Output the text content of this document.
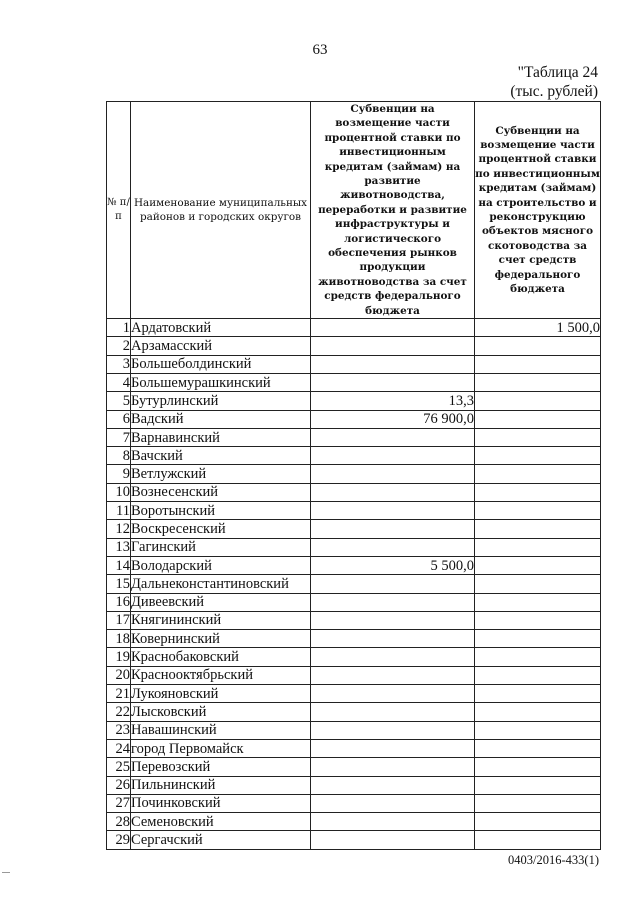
63
"Таблица 24
(тыс. рублей)
№ п/п	Наименование муниципальных районов и городских округов	Субвенции на возмещение части процентной ставки по инвестиционным кредитам (займам) на развитие животноводства, переработки и развитие инфраструктуры и логистического обеспечения рынков продукции животноводства за счет средств федерального бюджета	Субвенции на возмещение части процентной ставки по инвестиционным кредитам (займам) на строительство и реконструкцию объектов мясного скотоводства за счет средств федерального бюджета
1	Ардатовский		1 500,0
2	Арзамасский		
3	Большеболдинский		
4	Большемурашкинский		
5	Бутурлинский	13,3	
6	Вадский	76 900,0	
7	Варнавинский		
8	Вачский		
9	Ветлужский		
10	Вознесенский		
11	Воротынский		
12	Воскресенский		
13	Гагинский		
14	Володарский	5 500,0	
15	Дальнеконстантиновский		
16	Дивеевский		
17	Княгининский		
18	Ковернинский		
19	Краснобаковский		
20	Краснооктябрьский		
21	Лукояновский		
22	Лысковский		
23	Навашинский		
24	город Первомайск		
25	Перевозский		
26	Пильнинский		
27	Починковский		
28	Семеновский		
29	Сергачский		
0403/2016-433(1)
